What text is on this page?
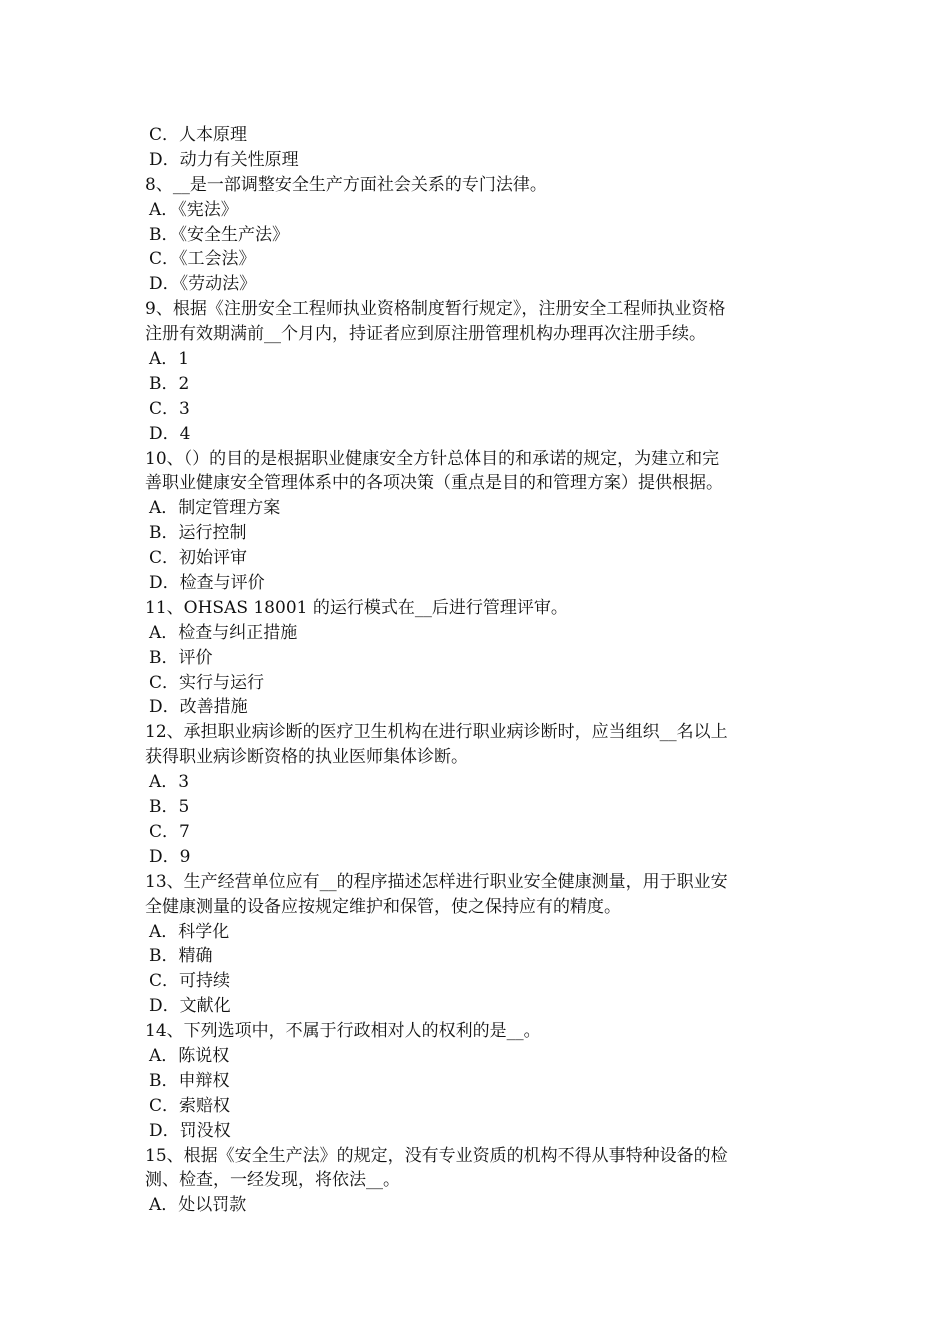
C．人本原理
D．动力有关性原理
8、__是一部调整安全生产方面社会关系的专门法律。
A．《宪法》
B．《安全生产法》
C．《工会法》
D．《劳动法》
9、根据《注册安全工程师执业资格制度暂行规定》，注册安全工程师执业资格
注册有效期满前__个月内，持证者应到原注册管理机构办理再次注册手续。
A．1
B．2
C．3
D．4
10、（）的目的是根据职业健康安全方针总体目的和承诺的规定，为建立和完
善职业健康安全管理体系中的各项决策（重点是目的和管理方案）提供根据。
A．制定管理方案
B．运行控制
C．初始评审
D．检查与评价
11、OHSAS 18001 的运行模式在__后进行管理评审。
A．检查与纠正措施
B．评价
C．实行与运行
D．改善措施
12、承担职业病诊断的医疗卫生机构在进行职业病诊断时，应当组织__名以上
获得职业病诊断资格的执业医师集体诊断。
A．3
B．5
C．7
D．9
13、生产经营单位应有__的程序描述怎样进行职业安全健康测量，用于职业安
全健康测量的设备应按规定维护和保管，使之保持应有的精度。
A．科学化
B．精确
C．可持续
D．文献化
14、下列选项中，不属于行政相对人的权利的是__。
A．陈说权
B．申辩权
C．索赔权
D．罚没权
15、根据《安全生产法》的规定，没有专业资质的机构不得从事特种设备的检
测、检查，一经发现，将依法__。
A．处以罚款
